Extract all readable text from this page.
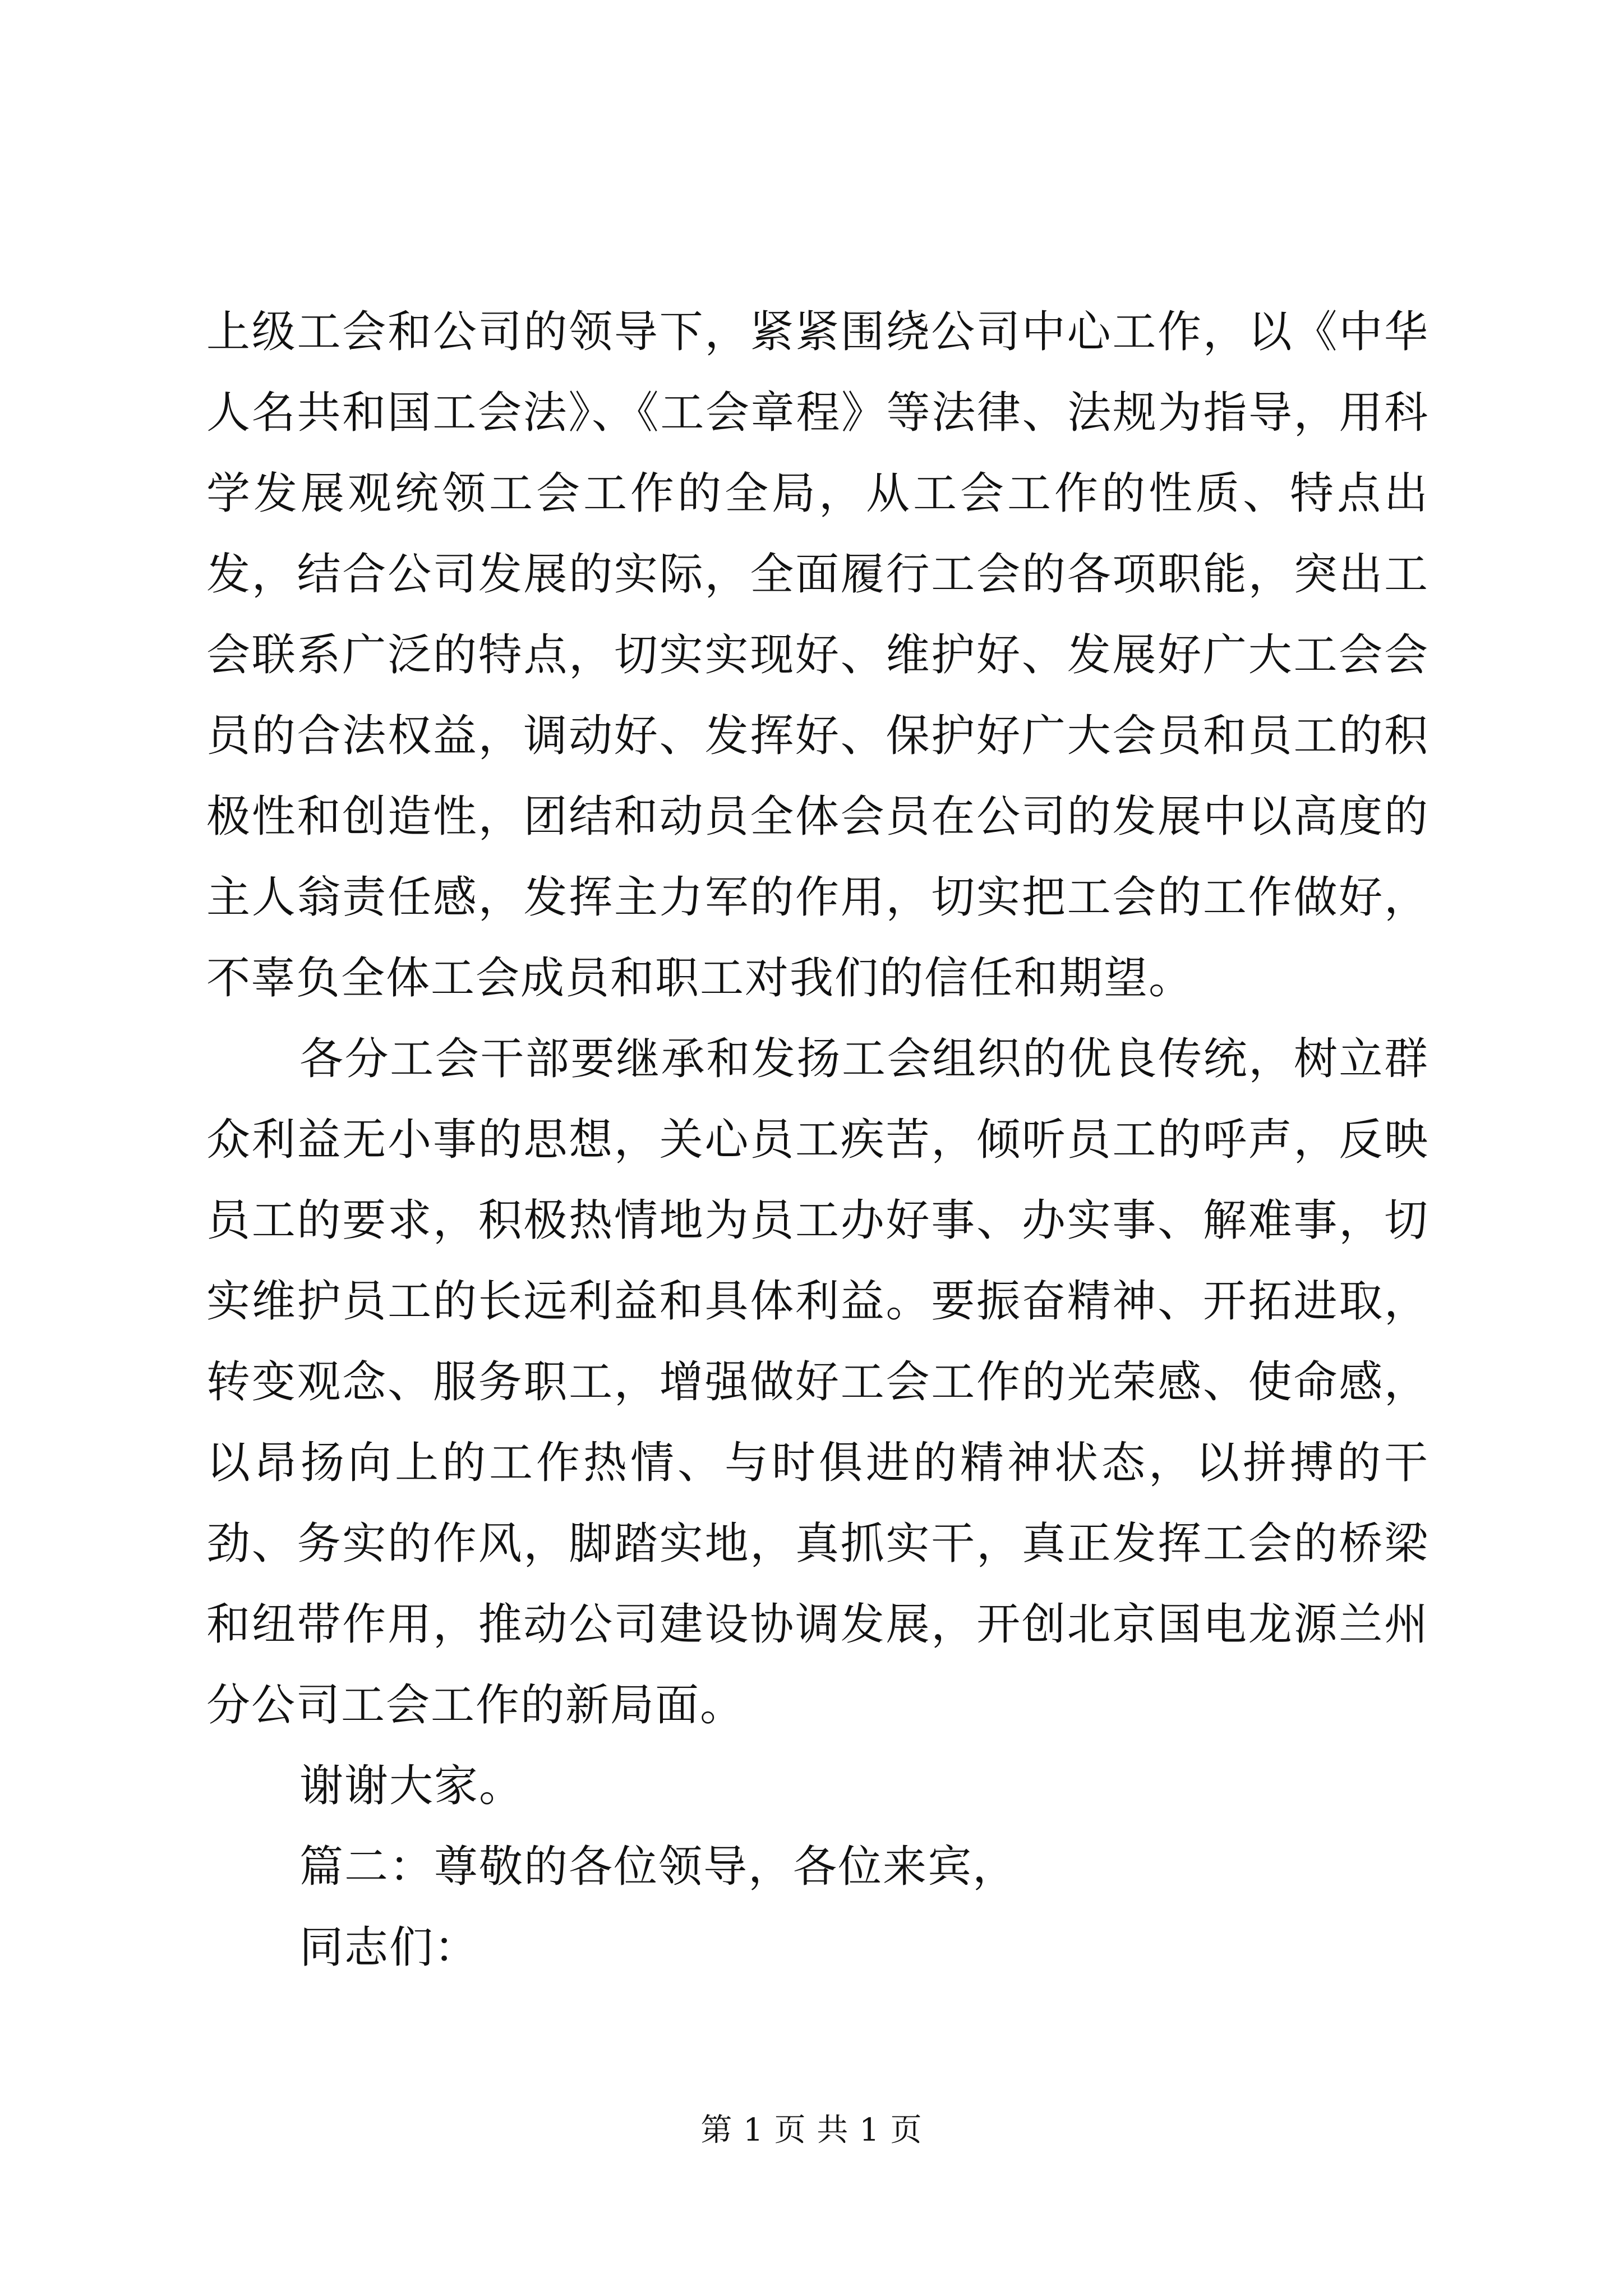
上级工会和公司的领导下，紧紧围绕公司中心工作，以《中华人名共和国工会法》、《工会章程》等法律、法规为指导，用科学发展观统领工会工作的全局，从工会工作的性质、特点出发，结合公司发展的实际，全面履行工会的各项职能，突出工会联系广泛的特点，切实实现好、维护好、发展好广大工会会员的合法权益，调动好、发挥好、保护好广大会员和员工的积极性和创造性，团结和动员全体会员在公司的发展中以高度的主人翁责任感，发挥主力军的作用，切实把工会的工作做好，不辜负全体工会成员和职工对我们的信任和期望。

各分工会干部要继承和发扬工会组织的优良传统，树立群众利益无小事的思想，关心员工疾苦，倾听员工的呼声，反映员工的要求，积极热情地为员工办好事、办实事、解难事，切实维护员工的长远利益和具体利益。要振奋精神、开拓进取，转变观念、服务职工，增强做好工会工作的光荣感、使命感，以昂扬向上的工作热情、与时俱进的精神状态，以拼搏的干劲、务实的作风，脚踏实地，真抓实干，真正发挥工会的桥梁和纽带作用，推动公司建设协调发展，开创北京国电龙源兰州分公司工会工作的新局面。

谢谢大家。

篇二：尊敬的各位领导，各位来宾，

同志们：

第 1 页 共 1 页
